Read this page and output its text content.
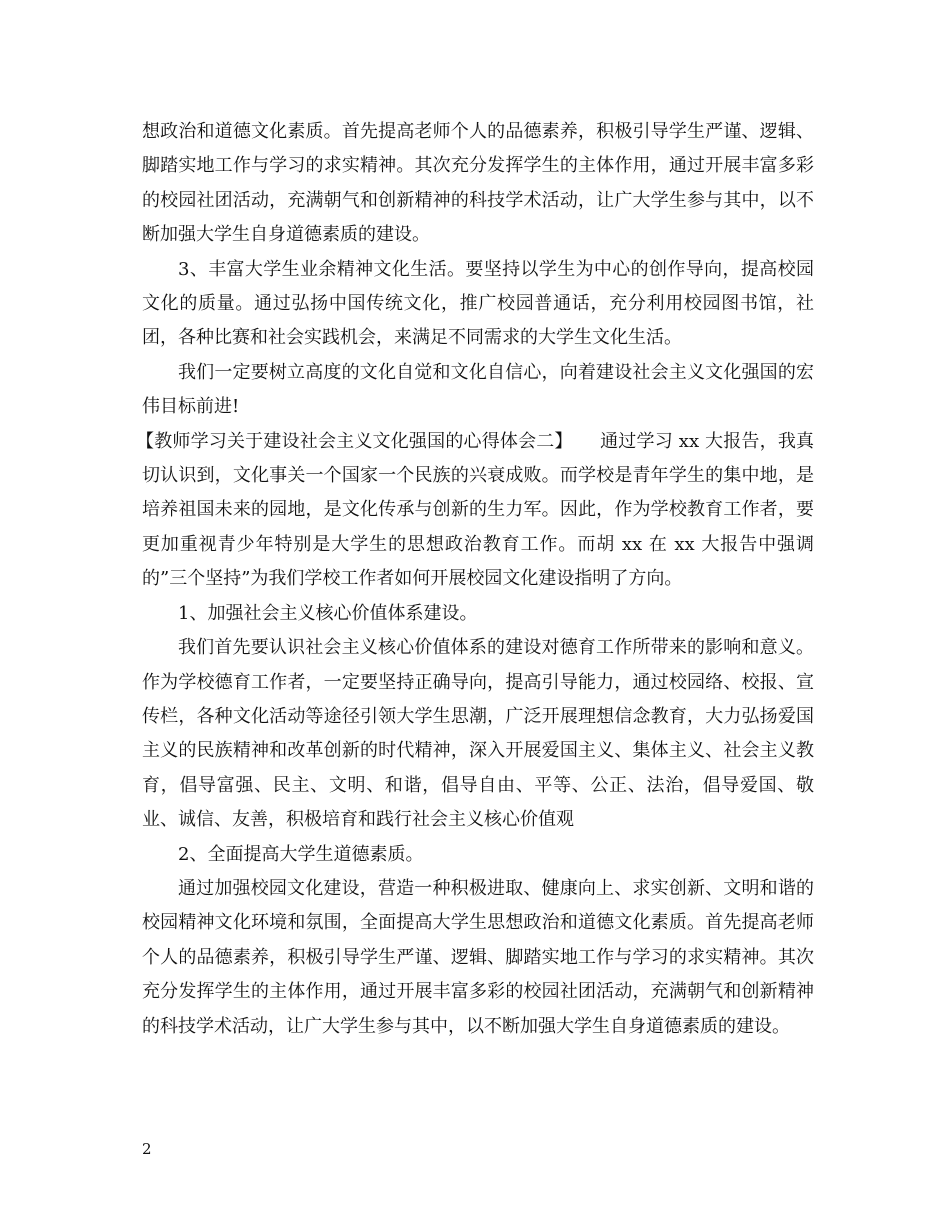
想政治和道德文化素质。首先提高老师个人的品德素养，积极引导学生严谨、逻辑、脚踏实地工作与学习的求实精神。其次充分发挥学生的主体作用，通过开展丰富多彩的校园社团活动，充满朝气和创新精神的科技学术活动，让广大学生参与其中，以不断加强大学生自身道德素质的建设。

3、丰富大学生业余精神文化生活。要坚持以学生为中心的创作导向，提高校园文化的质量。通过弘扬中国传统文化，推广校园普通话，充分利用校园图书馆，社团，各种比赛和社会实践机会，来满足不同需求的大学生文化生活。

我们一定要树立高度的文化自觉和文化自信心，向着建设社会主义文化强国的宏伟目标前进!

【教师学习关于建设社会主义文化强国的心得体会二】　　 通过学习 xx 大报告，我真切认识到，文化事关一个国家一个民族的兴衰成败。而学校是青年学生的集中地，是培养祖国未来的园地，是文化传承与创新的生力军。因此，作为学校教育工作者，要更加重视青少年特别是大学生的思想政治教育工作。而胡 xx 在 xx 大报告中强调的”三个坚持”为我们学校工作者如何开展校园文化建设指明了方向。

1、加强社会主义核心价值体系建设。

我们首先要认识社会主义核心价值体系的建设对德育工作所带来的影响和意义。作为学校德育工作者，一定要坚持正确导向，提高引导能力，通过校园络、校报、宣传栏，各种文化活动等途径引领大学生思潮，广泛开展理想信念教育，大力弘扬爱国主义的民族精神和改革创新的时代精神，深入开展爱国主义、集体主义、社会主义教育，倡导富强、民主、文明、和谐，倡导自由、平等、公正、法治，倡导爱国、敬业、诚信、友善，积极培育和践行社会主义核心价值观

2、全面提高大学生道德素质。

通过加强校园文化建设，营造一种积极进取、健康向上、求实创新、文明和谐的校园精神文化环境和氛围，全面提高大学生思想政治和道德文化素质。首先提高老师个人的品德素养，积极引导学生严谨、逻辑、脚踏实地工作与学习的求实精神。其次充分发挥学生的主体作用，通过开展丰富多彩的校园社团活动，充满朝气和创新精神的科技学术活动，让广大学生参与其中，以不断加强大学生自身道德素质的建设。

2
